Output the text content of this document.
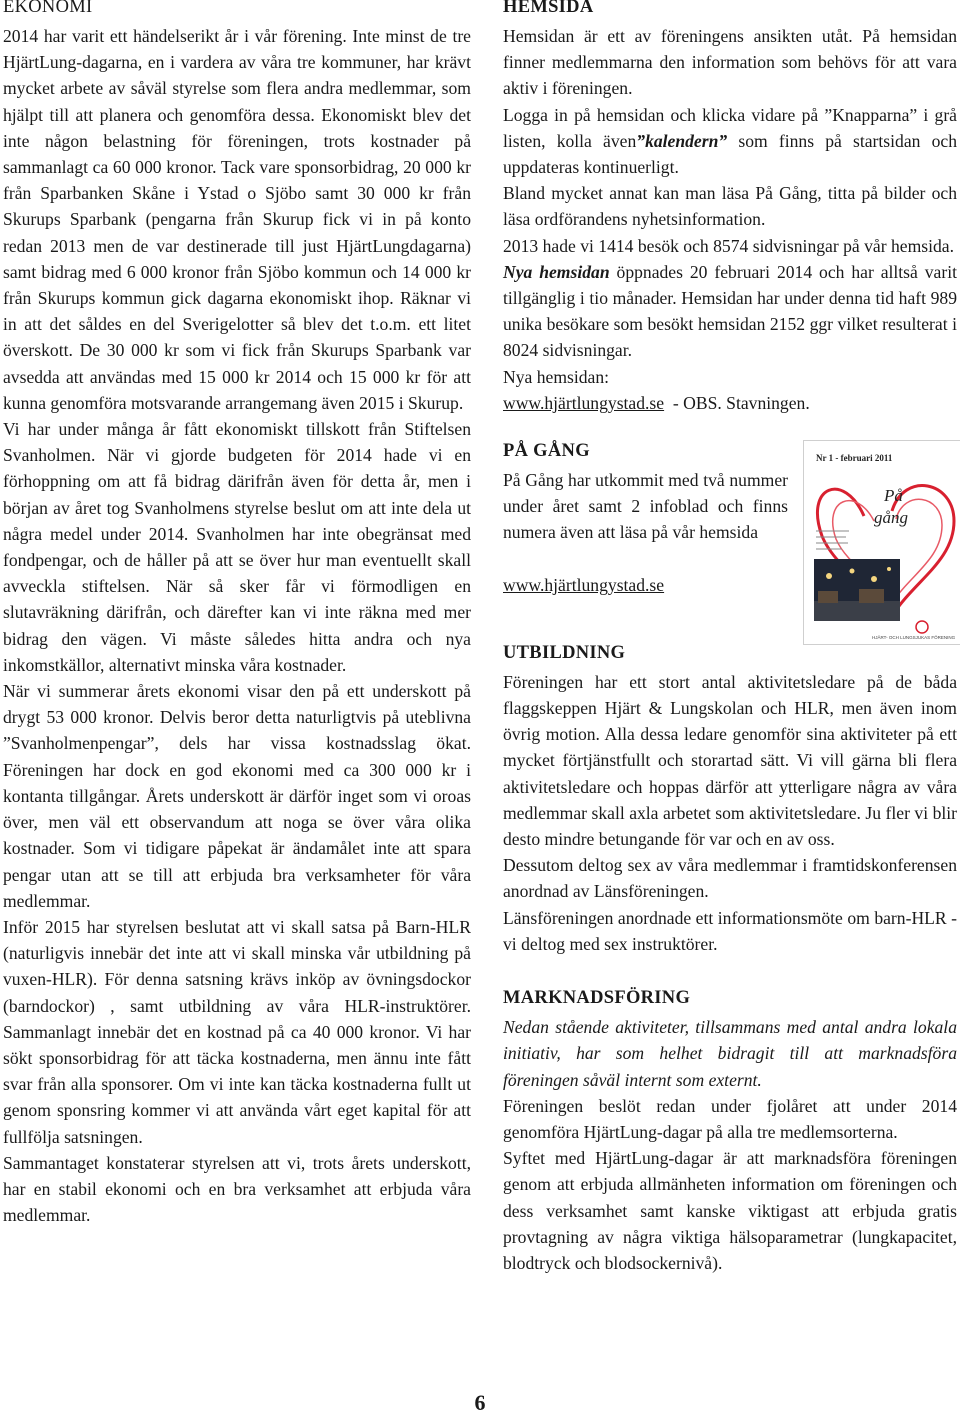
EKONOMI

2014 har varit ett händelserikt år i vår förening. Inte minst de tre HjärtLung-dagarna, en i vardera av våra tre kommuner, har krävt mycket arbete av såväl styrelse som flera andra medlemmar, som hjälpt till att planera och genomföra dessa. Ekonomiskt blev det inte någon belastning för föreningen, trots kostnader på sammanlagt ca 60 000 kronor. Tack vare sponsorbidrag, 20 000 kr från Sparbanken Skåne i Ystad o Sjöbo samt 30 000 kr från Skurups Sparbank (pengarna från Skurup fick vi in på konto redan 2013 men de var destinerade till just HjärtLungdagarna) samt bidrag med 6 000 kronor från Sjöbo kommun och 14 000 kr från Skurups kommun gick dagarna ekonomiskt ihop. Räknar vi in att det såldes en del Sverigelotter så blev det t.o.m. ett litet överskott. De 30 000 kr som vi fick från Skurups Sparbank var avsedda att användas med 15 000 kr 2014 och 15 000 kr för att kunna genomföra motsvarande arrangemang även 2015 i Skurup.

Vi har under många år fått ekonomiskt tillskott från Stiftelsen Svanholmen. När vi gjorde budgeten för 2014 hade vi en förhoppning om att få bidrag därifrån även för detta år, men i början av året tog Svanholmens styrelse beslut om att inte dela ut några medel under 2014. Svanholmen har inte obegränsat med fondpengar, och de håller på att se över hur man eventuellt skall avveckla stiftelsen. När så sker får vi förmodligen en slutavräkning därifrån, och därefter kan vi inte räkna med mer bidrag den vägen. Vi måste således hitta andra och nya inkomstkällor, alternativt minska våra kostnader.

När vi summerar årets ekonomi visar den på ett underskott på drygt 53 000 kronor. Delvis beror detta naturligtvis på uteblivna ”Svanholmenpengar”, dels har vissa kostnadsslag ökat. Föreningen har dock en god ekonomi med ca 300 000 kr i kontanta tillgångar. Årets underskott är därför inget som vi oroas över, men väl ett observandum att noga se över våra olika kostnader. Som vi tidigare påpekat är ändamålet inte att spara pengar utan att se till att erbjuda bra verksamheter för våra medlemmar.

Inför 2015 har styrelsen beslutat att vi skall satsa på Barn-HLR (naturligvis innebär det inte att vi skall minska vår utbildning på vuxen-HLR). För denna satsning krävs inköp av övningsdockor (barndockor) , samt utbildning av våra HLR-instruktörer. Sammanlagt innebär det en kostnad på ca 40 000 kronor. Vi har sökt sponsorbidrag för att täcka kostnaderna, men ännu inte fått svar från alla sponsorer. Om vi inte kan täcka kostnaderna fullt ut genom sponsring kommer vi att använda vårt eget kapital för att fullfölja satsningen.

Sammantaget konstaterar styrelsen att vi, trots årets underskott, har en stabil ekonomi och en bra verksamhet att erbjuda våra medlemmar.

HEMSIDA

Hemsidan är ett av föreningens ansikten utåt. På hemsidan finner medlemmarna den information som behövs för att vara aktiv i föreningen.

Logga in på hemsidan och klicka vidare på ”Knapparna” i grå listen, kolla även”kalendern” som finns på startsidan och uppdateras kontinuerligt.

Bland mycket annat kan man läsa På Gång, titta på bilder och läsa ordförandens nyhetsinformation.

2013 hade vi 1414 besök och 8574 sidvisningar på vår hemsida.

Nya hemsidan öppnades 20 februari 2014 och har alltså varit tillgänglig i tio månader. Hemsidan har under denna tid haft 989 unika besökare som besökt hemsidan 2152 ggr vilket resulterat i 8024 sidvisningar.

Nya hemsidan:

www.hjärtlungystad.se - OBS. Stavningen.

PÅ GÅNG

På Gång har utkommit med två nummer under året samt 2 infoblad och finns numera även att läsa på vår hemsida

www.hjärtlungystad.se

Nr 1 - februari 2011
På
gång
HJÄRT- OCH LUNGSJUKAS FÖRENING
UTBILDNING

Föreningen har ett stort antal aktivitetsledare på de båda flaggskeppen Hjärt & Lungskolan och HLR, men även inom övrig motion. Alla dessa ledare genomför sina aktiviteter på ett mycket förtjänstfullt och storartad sätt. Vi vill gärna bli flera aktivitetsledare och hoppas därför att ytterligare några av våra medlemmar skall axla arbetet som aktivitetsledare. Ju fler vi blir desto mindre betungande för var och en av oss.

Dessutom deltog sex av våra medlemmar i framtidskonferensen anordnad av Länsföreningen.

Länsföreningen anordnade ett informationsmöte om barn-HLR - vi deltog med sex instruktörer.

MARKNADSFÖRING

Nedan stående aktiviteter, tillsammans med antal andra lokala initiativ, har som helhet bidragit till att marknadsföra föreningen såväl internt som externt.

Föreningen beslöt redan under fjolåret att under 2014 genomföra HjärtLung-dagar på alla tre medlemsorterna.

Syftet med HjärtLung-dagar är att marknadsföra föreningen genom att erbjuda allmänheten information om föreningen och dess verksamhet samt kanske viktigast att erbjuda gratis provtagning av några viktiga hälsoparametrar (lungkapacitet, blodtryck och blodsockernivå).

6
